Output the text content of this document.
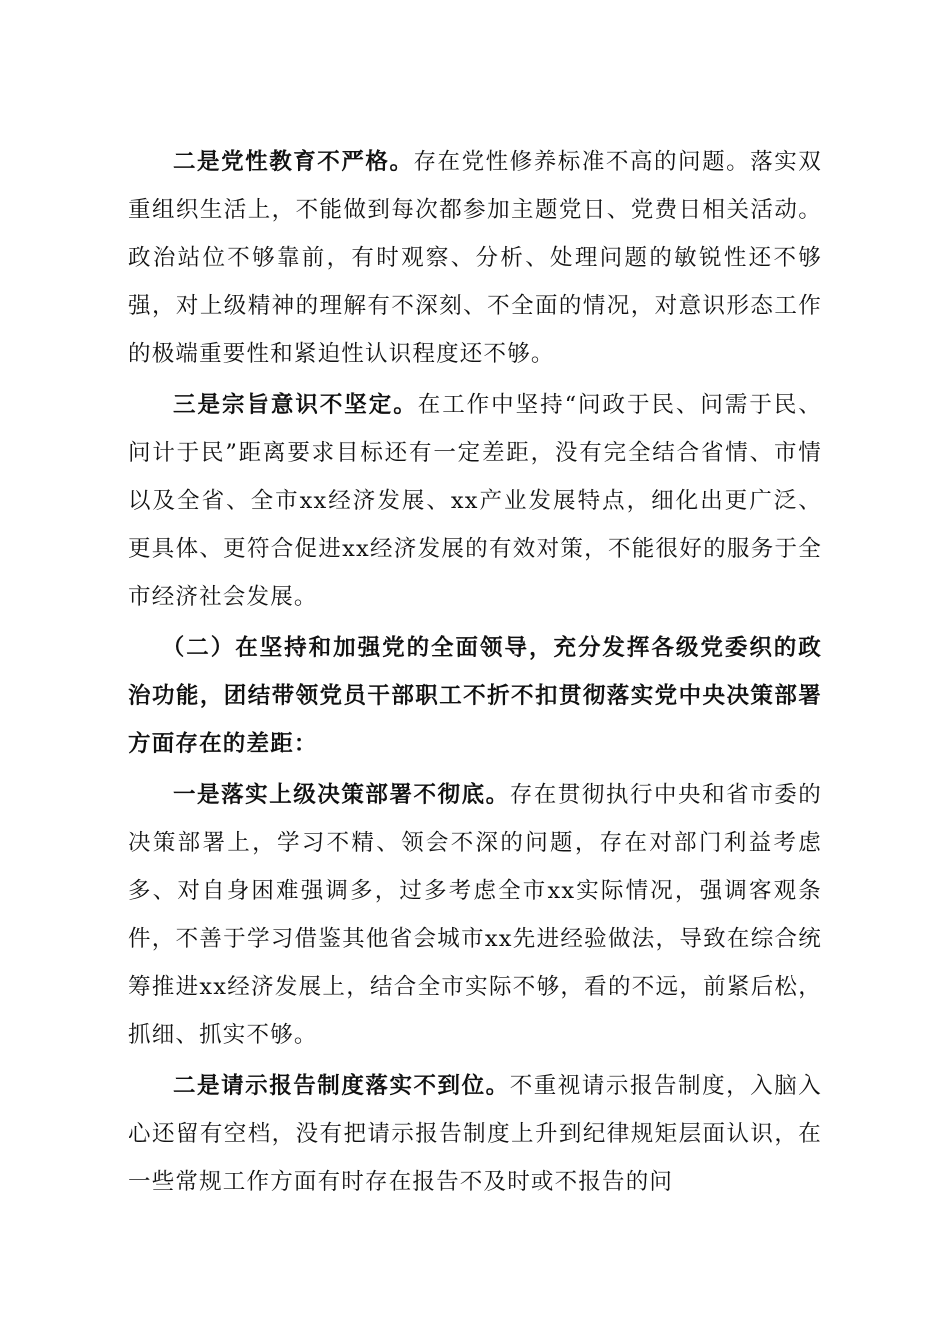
二是党性教育不严格。存在党性修养标准不高的问题。落实双重组织生活上，不能做到每次都参加主题党日、党费日相关活动。政治站位不够靠前，有时观察、分析、处理问题的敏锐性还不够强，对上级精神的理解有不深刻、不全面的情况，对意识形态工作的极端重要性和紧迫性认识程度还不够。

三是宗旨意识不坚定。在工作中坚持“问政于民、问需于民、问计于民”距离要求目标还有一定差距，没有完全结合省情、市情以及全省、全市xx经济发展、xx产业发展特点，细化出更广泛、更具体、更符合促进xx经济发展的有效对策，不能很好的服务于全市经济社会发展。

（二）在坚持和加强党的全面领导，充分发挥各级党委织的政治功能，团结带领党员干部职工不折不扣贯彻落实党中央决策部署方面存在的差距：

一是落实上级决策部署不彻底。存在贯彻执行中央和省市委的决策部署上，学习不精、领会不深的问题，存在对部门利益考虑多、对自身困难强调多，过多考虑全市xx实际情况，强调客观条件，不善于学习借鉴其他省会城市xx先进经验做法，导致在综合统筹推进xx经济发展上，结合全市实际不够，看的不远，前紧后松，抓细、抓实不够。

二是请示报告制度落实不到位。不重视请示报告制度，入脑入心还留有空档，没有把请示报告制度上升到纪律规矩层面认识，在一些常规工作方面有时存在报告不及时或不报告的问
